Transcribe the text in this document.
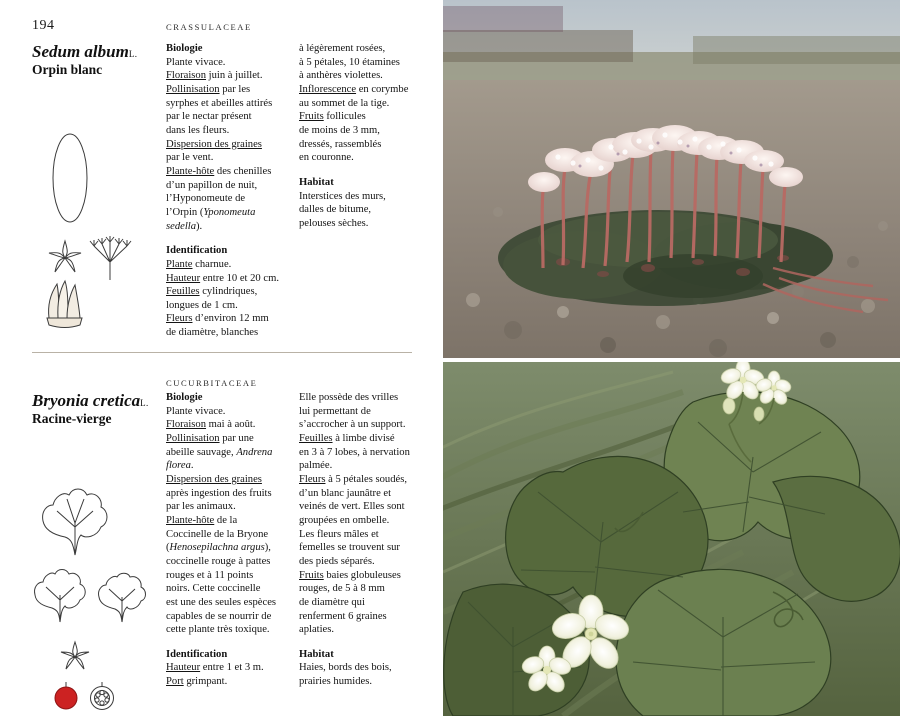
194	CRASSULACEAE
Sedum albumL.
Orpin blanc

Biologie

Plante vivace.

Floraison juin à juillet.

Pollinisation par les

syrphes et abeilles attirés

par le nectar présent

dans les fleurs.

Dispersion des graines

par le vent.

Plante-hôte des chenilles

d’un papillon de nuit,

l’Hyponomeute de

l’Orpin (Yponomeuta

sedella).

Identification

Plante charnue.

Hauteur entre 10 et 20 cm.

Feuilles cylindriques,

longues de 1 cm.

Fleurs d’environ 12 mm

de diamètre, blanches

à légèrement rosées,

à 5 pétales, 10 étamines

à anthères violettes.

Inflorescence en corymbe

au sommet de la tige.

Fruits follicules

de moins de 3 mm,

dressés, rassemblés

en couronne.

Habitat

Interstices des murs,

dalles de bitume,

pelouses sèches.

CUCURBITACEAE
Bryonia creticaL.
Racine-vierge

Biologie

Plante vivace.

Floraison mai à août.

Pollinisation par une

abeille sauvage, Andrena

florea.

Dispersion des graines

après ingestion des fruits

par les animaux.

Plante-hôte de la

Coccinelle de la Bryone

(Henosepilachna argus),

coccinelle rouge à pattes

rouges et à 11 points

noirs. Cette coccinelle

est une des seules espèces

capables de se nourrir de

cette plante très toxique.

Identification

Hauteur entre 1 et 3 m.

Port grimpant.

Elle possède des vrilles

lui permettant de

s’accrocher à un support.

Feuilles à limbe divisé

en 3 à 7 lobes, à nervation

palmée.

Fleurs à 5 pétales soudés,

d’un blanc jaunâtre et

veinés de vert. Elles sont

groupées en ombelle.

Les fleurs mâles et

femelles se trouvent sur

des pieds séparés.

Fruits baies globuleuses

rouges, de 5 à 8 mm

de diamètre qui

renferment 6 graines

aplaties.

Habitat

Haies, bords des bois,

prairies humides.
